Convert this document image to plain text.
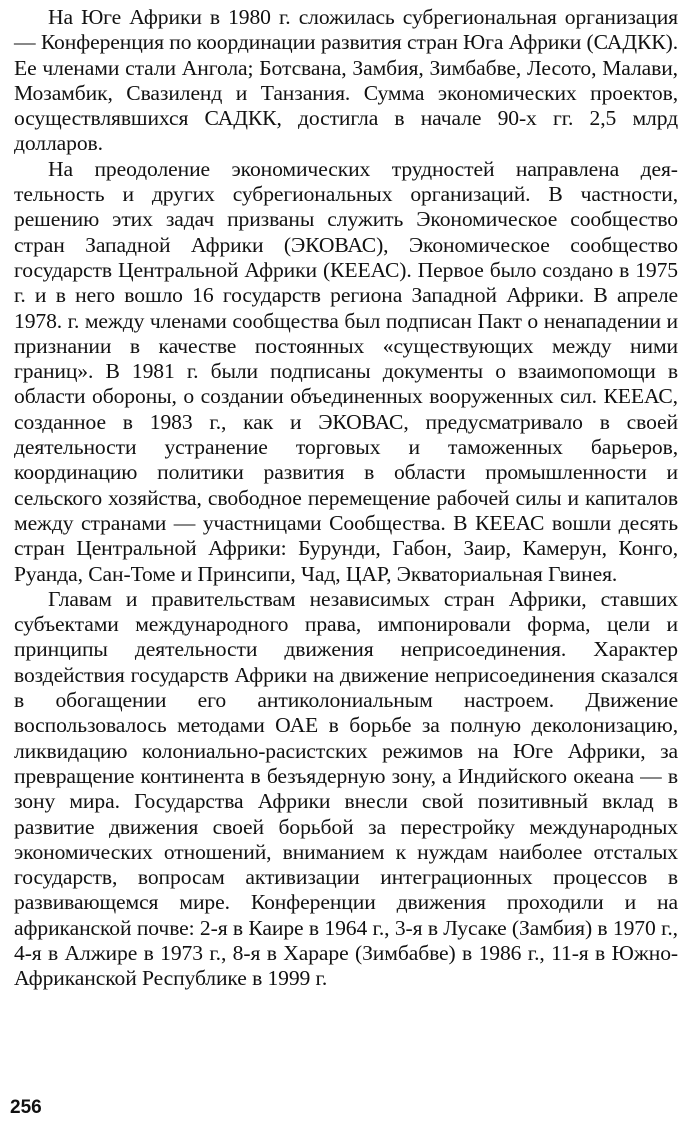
На Юге Африки в 1980 г. сложилась субрегиональная организация — Конференция по координации развития стран Юга Африки (САДКК). Ее членами стали Ангола; Ботсвана, Замбия, Зимбабве, Лесото, Малави, Мозамбик, Свазиленд и Танзания. Сумма экономических проектов, осуществлявшихся САДКК, достигла в начале 90-х гг. 2,5 млрд долларов.

На преодоление экономических трудностей направлена деятельность и других субрегиональных организаций. В частности, решению этих задач призваны служить Экономическое сообщество стран Западной Африки (ЭКОВАС), Экономическое сообщество государств Центральной Африки (КЕЕАС). Первое было создано в 1975 г. и в него вошло 16 государств региона Западной Африки. В апреле 1978. г. между членами сообщества был подписан Пакт о ненападении и признании в качестве постоянных «существующих между ними границ». В 1981 г. были подписаны документы о взаимопомощи в области обороны, о создании объединенных вооруженных сил. КЕЕАС, созданное в 1983 г., как и ЭКОВАС, предусматривало в своей деятельности устранение торговых и таможенных барьеров, координацию политики развития в области промышленности и сельского хозяйства, свободное перемещение рабочей силы и капиталов между странами — участницами Сообщества. В КЕЕАС вошли десять стран Центральной Африки: Бурунди, Габон, Заир, Камерун, Конго, Руанда, Сан-Томе и Принсипи, Чад, ЦАР, Экваториальная Гвинея.

Главам и правительствам независимых стран Африки, ставших субъектами международного права, импонировали форма, цели и принципы деятельности движения неприсоединения. Характер воздействия государств Африки на движение неприсоединения сказался в обогащении его антиколониальным настроем. Движение воспользовалось методами ОАЕ в борьбе за полную деколонизацию, ликвидацию колониально-расистских режимов на Юге Африки, за превращение континента в безъядерную зону, а Индийского океана — в зону мира. Государства Африки внесли свой позитивный вклад в развитие движения своей борьбой за перестройку международных экономических отношений, вниманием к нуждам наиболее отсталых государств, вопросам активизации интеграционных процессов в развивающемся мире. Конференции движения проходили и на африканской почве: 2-я в Каире в 1964 г., 3-я в Лусаке (Замбия) в 1970 г., 4-я в Алжире в 1973 г., 8-я в Хараре (Зимбабве) в 1986 г., 11-я в Южно-Африканской Республике в 1999 г.

256
